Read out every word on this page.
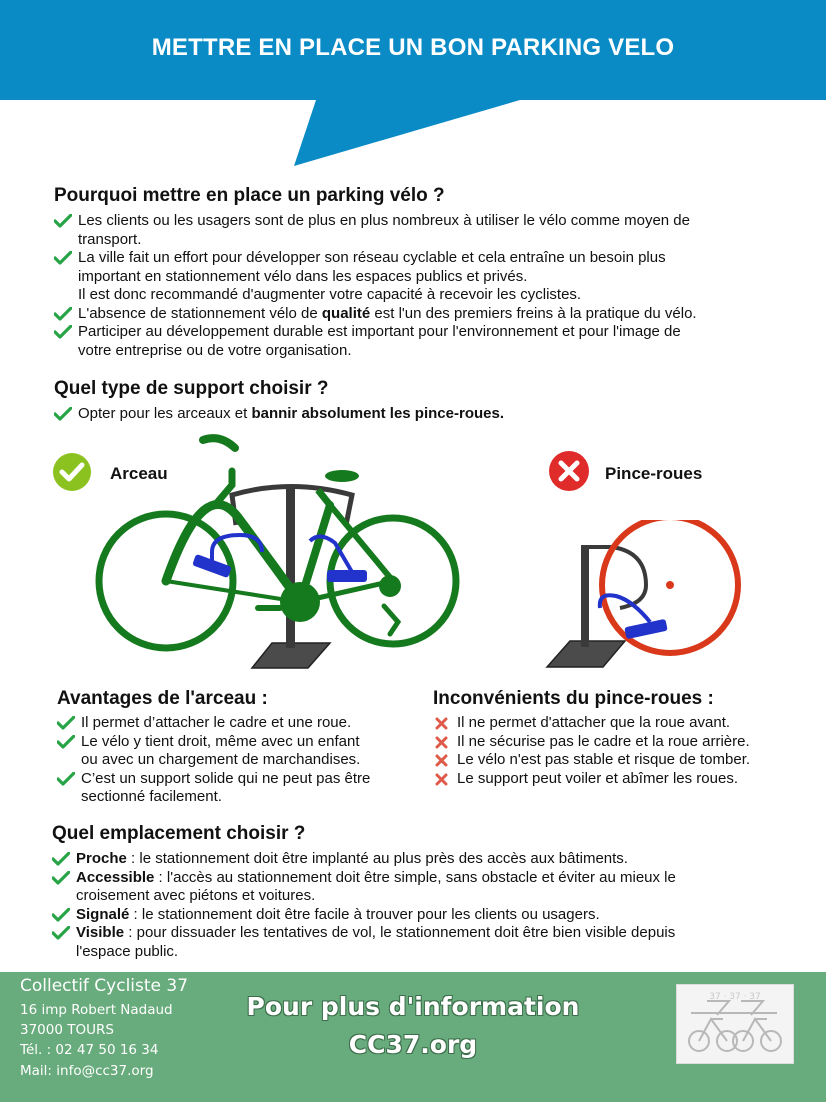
METTRE EN PLACE UN BON PARKING VELO
Pourquoi mettre en place un parking vélo ?
Les clients ou les usagers sont de plus en plus nombreux à utiliser le vélo comme moyen de
transport.
La ville fait un effort pour développer son réseau cyclable et cela entraîne un besoin plus
important en stationnement vélo dans les espaces publics et privés.
Il est donc recommandé d'augmenter votre capacité à recevoir les cyclistes.
L'absence de stationnement vélo de qualité est l'un des premiers freins à la pratique du vélo.
Participer au développement durable est important pour l'environnement et pour l'image de
votre entreprise ou de votre organisation.
Quel type de support choisir ?
Opter pour les arceaux et bannir absolument les pince-roues.
Arceau	Pince-roues
Avantages de l'arceau :
Il permet d’attacher le cadre et une roue.
Le vélo y tient droit, même avec un enfant
ou avec un chargement de marchandises.
C’est un support solide qui ne peut pas être
sectionné facilement.
Inconvénients du pince-roues :
Il ne permet d'attacher que la roue avant.
Il ne sécurise pas le cadre et la roue arrière.
Le vélo n'est pas stable et risque de tomber.
Le support peut voiler et abîmer les roues.
Quel emplacement choisir ?
Proche : le stationnement doit être implanté au plus près des accès aux bâtiments.
Accessible : l'accès au stationnement doit être simple, sans obstacle et éviter au mieux le
croisement avec piétons et voitures.
Signalé : le stationnement doit être facile à trouver pour les clients ou usagers.
Visible : pour dissuader les tentatives de vol, le stationnement doit être bien visible depuis
l'espace public.
Collectif Cycliste 37
16 imp Robert Nadaud
37000 TOURS
Tél. : 02 47 50 16 34
Mail: info@cc37.org
Pour plus d'information
CC37.org
37 · 37 · 37
